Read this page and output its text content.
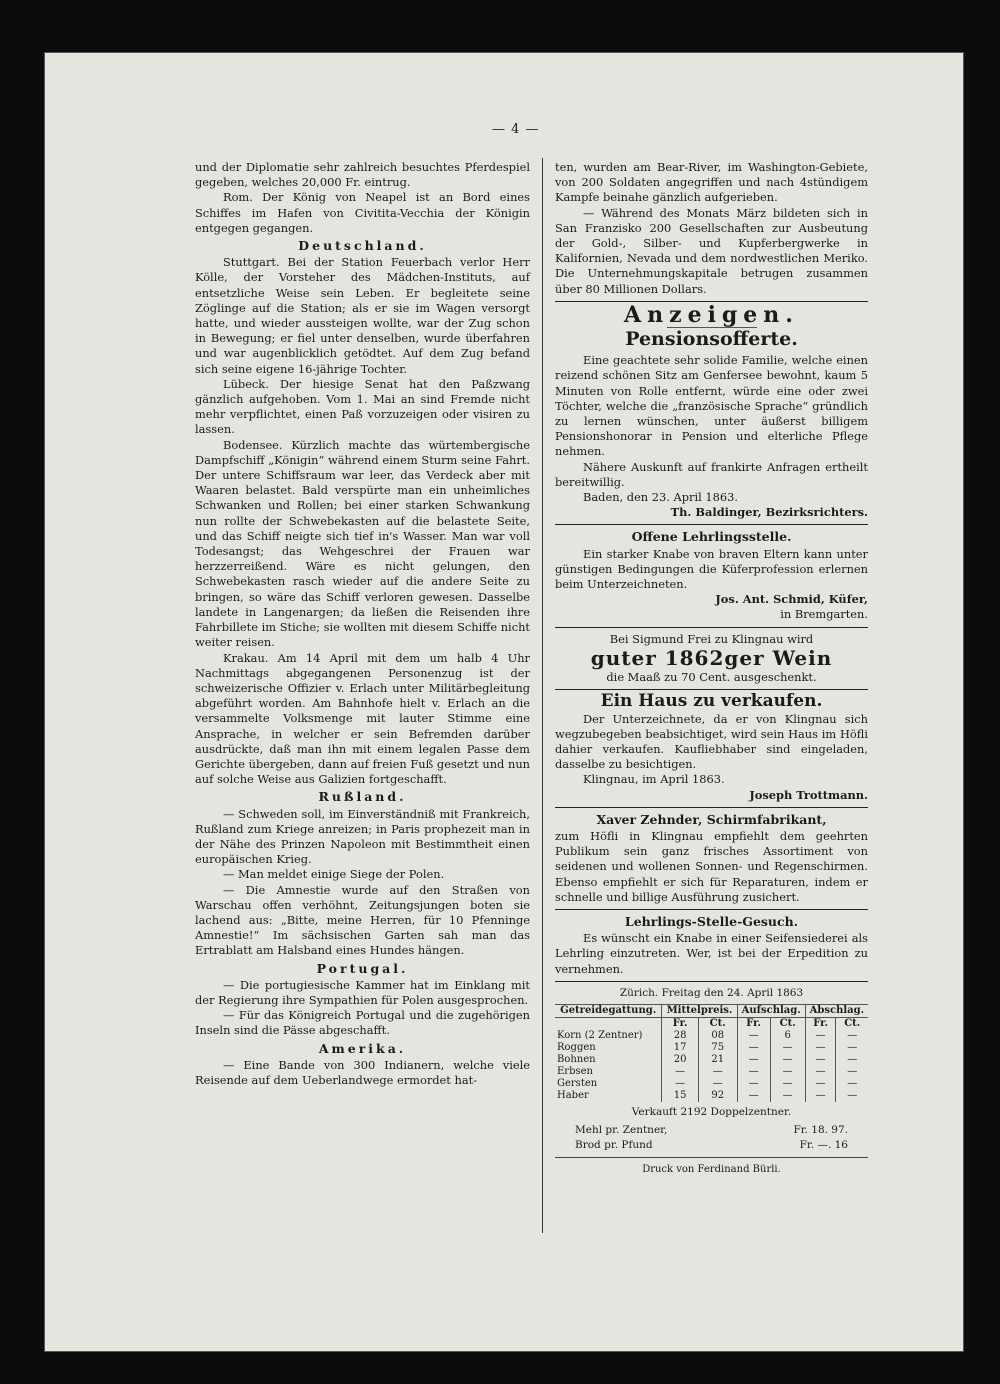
— 4 —

und der Diplomatie sehr zahlreich besuchtes Pferdespiel gegeben, welches 20,000 Fr. eintrug.

Rom. Der König von Neapel ist an Bord eines Schiffes im Hafen von Civitita-Vecchia der Königin entgegen gegangen.

Deutschland.

Stuttgart. Bei der Station Feuerbach verlor Herr Kölle, der Vorsteher des Mädchen-Instituts, auf entsetzliche Weise sein Leben. Er begleitete seine Zöglinge auf die Station; als er sie im Wagen versorgt hatte, und wieder aussteigen wollte, war der Zug schon in Bewegung; er fiel unter denselben, wurde überfahren und war augenblicklich getödtet. Auf dem Zug befand sich seine eigene 16-jährige Tochter.

Lübeck. Der hiesige Senat hat den Paßzwang gänzlich aufgehoben. Vom 1. Mai an sind Fremde nicht mehr verpflichtet, einen Paß vorzuzeigen oder visiren zu lassen.

Bodensee. Kürzlich machte das würtembergische Dampfschiff „Königin“ während einem Sturm seine Fahrt. Der untere Schiffsraum war leer, das Verdeck aber mit Waaren belastet. Bald verspürte man ein unheimliches Schwanken und Rollen; bei einer starken Schwankung nun rollte der Schwebekasten auf die belastete Seite, und das Schiff neigte sich tief in's Wasser. Man war voll Todesangst; das Wehgeschrei der Frauen war herzzerreißend. Wäre es nicht gelungen, den Schwebekasten rasch wieder auf die andere Seite zu bringen, so wäre das Schiff verloren gewesen. Dasselbe landete in Langenargen; da ließen die Reisenden ihre Fahrbillete im Stiche; sie wollten mit diesem Schiffe nicht weiter reisen.

Krakau. Am 14 April mit dem um halb 4 Uhr Nachmittags abgegangenen Personenzug ist der schweizerische Offizier v. Erlach unter Militärbegleitung abgeführt worden. Am Bahnhofe hielt v. Erlach an die versammelte Volksmenge mit lauter Stimme eine Ansprache, in welcher er sein Befremden darüber ausdrückte, daß man ihn mit einem legalen Passe dem Gerichte übergeben, dann auf freien Fuß gesetzt und nun auf solche Weise aus Galizien fortgeschafft.

Rußland.

— Schweden soll, im Einverständniß mit Frankreich, Rußland zum Kriege anreizen; in Paris prophezeit man in der Nähe des Prinzen Napoleon mit Bestimmtheit einen europäischen Krieg.

— Man meldet einige Siege der Polen.

— Die Amnestie wurde auf den Straßen von Warschau offen verhöhnt, Zeitungsjungen boten sie lachend aus: „Bitte, meine Herren, für 10 Pfenninge Amnestie!“ Im sächsischen Garten sah man das Ertrablatt am Halsband eines Hundes hängen.

Portugal.

— Die portugiesische Kammer hat im Einklang mit der Regierung ihre Sympathien für Polen ausgesprochen.

— Für das Königreich Portugal und die zugehörigen Inseln sind die Pässe abgeschafft.

Amerika.

— Eine Bande von 300 Indianern, welche viele Reisende auf dem Ueberlandwege ermordet hat-

ten, wurden am Bear-River, im Washington-Gebiete, von 200 Soldaten angegriffen und nach 4stündigem Kampfe beinahe gänzlich aufgerieben.

— Während des Monats März bildeten sich in San Franzisko 200 Gesellschaften zur Ausbeutung der Gold-, Silber- und Kupferbergwerke in Kalifornien, Nevada und dem nordwestlichen Meriko. Die Unternehmungskapitale betrugen zusammen über 80 Millionen Dollars.

Anzeigen.
Pensionsofferte.

Eine geachtete sehr solide Familie, welche einen reizend schönen Sitz am Genfersee bewohnt, kaum 5 Minuten von Rolle entfernt, würde eine oder zwei Töchter, welche die „französische Sprache“ gründlich zu lernen wünschen, unter äußerst billigem Pensionshonorar in Pension und elterliche Pflege nehmen.

Nähere Auskunft auf frankirte Anfragen ertheilt bereitwillig.

Baden, den 23. April 1863.

Th. Baldinger, Bezirksrichters.

Offene Lehrlingsstelle.

Ein starker Knabe von braven Eltern kann unter günstigen Bedingungen die Küferprofession erlernen beim Unterzeichneten.

Jos. Ant. Schmid, Küfer,

in Bremgarten.

Bei Sigmund Frei zu Klingnau wird

guter 1862ger Wein

die Maaß zu 70 Cent. ausgeschenkt.

Ein Haus zu verkaufen.

Der Unterzeichnete, da er von Klingnau sich wegzubegeben beabsichtiget, wird sein Haus im Höfli dahier verkaufen. Kaufliebhaber sind eingeladen, dasselbe zu besichtigen.

Klingnau, im April 1863.

Joseph Trottmann.

Xaver Zehnder, Schirmfabrikant,

zum Höfli in Klingnau empfiehlt dem geehrten Publikum sein ganz frisches Assortiment von seidenen und wollenen Sonnen- und Regenschirmen. Ebenso empfiehlt er sich für Reparaturen, indem er schnelle und billige Ausführung zusichert.

Lehrlings-Stelle-Gesuch.

Es wünscht ein Knabe in einer Seifensiederei als Lehrling einzutreten. Wer, ist bei der Erpedition zu vernehmen.

Zürich. Freitag den 24. April 1863
Getreidegattung.	Mittelpreis.		Aufschlag.		Abschlag.	
	Fr.	Ct.	Fr.	Ct.	Fr.	Ct.
Korn (2 Zentner)	28	08	—	6	—	—
Roggen	17	75	—	—	—	—
Bohnen	20	21	—	—	—	—
Erbsen	—	—	—	—	—	—
Gersten	—	—	—	—	—	—
Haber	15	92	—	—	—	—
Verkauft 2192 Doppelzentner.
Mehl pr. Zentner,	Fr. 18. 97.
Brod pr. Pfund	Fr. —. 16
Druck von Ferdinand Bürli.
